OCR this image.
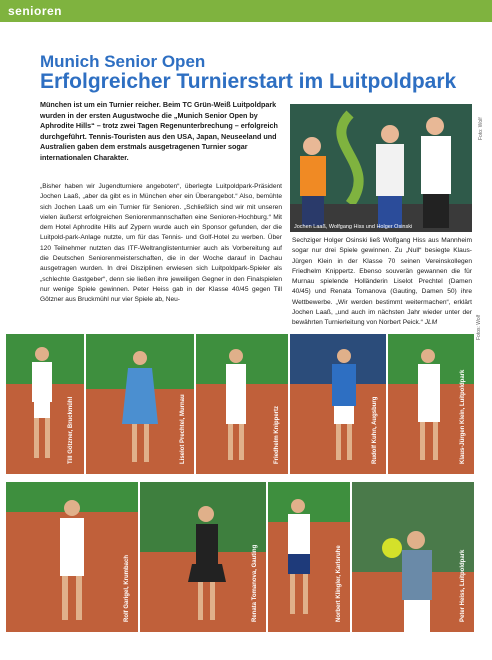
senioren
Munich Senior Open
Erfolgreicher Turnierstart im Luitpoldpark

München ist um ein Turnier reicher. Beim TC Grün-Weiß Luitpoldpark wurden in der ersten Augustwoche die „Munich Senior Open by Aphrodite Hills“ – trotz zwei Tagen Regenunterbrechung – erfolgreich durchgeführt. Tennis-Touristen aus den USA, Japan, Neuseeland und Australien gaben dem erstmals ausgetragenen Turnier sogar internationalen Charakter.

„Bisher haben wir Jugendturniere angeboten“, überlegte Luitpoldpark-Präsident Jochen Laaß, „aber da gibt es in München eher ein Überangebot.“ Also, bemühte sich Jochen Laaß um ein Turnier für Senioren. „Schließlich sind wir mit unseren vielen äußerst erfolgreichen Seniorenmannschaften eine Senioren-Hochburg.“ Mit dem Hotel Aphrodite Hills auf Zypern wurde auch ein Sponsor gefunden, der die Luitpold-park-Anlage nutzte, um für das Tennis- und Golf-Hotel zu werben. Über 120 Teilnehmer nutzten das ITF-Weltranglistenturnier auch als Vorbereitung auf die Deutschen Seniorenmeisterschaften, die in der Woche darauf in Dachau ausgetragen wurden. In drei Disziplinen erwiesen sich Luitpoldpark-Spieler als „schlechte Gastgeber“, denn sie ließen ihre jeweiligen Gegner in den Finalspielen nur wenige Spiele gewinnen. Peter Heiss gab in der Klasse 40/45 gegen Till Götzner aus Bruckmühl nur vier Spiele ab, Neu-

Jochen Laaß, Wolfgang Hiss und Holger Osinski
Foto: Wolf

Sechziger Holger Osinski ließ Wolfgang Hiss aus Mannheim sogar nur drei Spiele gewinnen. Zu „Null“ besiegte Klaus-Jürgen Klein in der Klasse 70 seinen Vereinskollegen Friedhelm Knippertz. Ebenso souverän gewannen die für Murnau spielende Holländerin Liselot Prechtel (Damen 40/45) und Renata Tomanova (Gauting, Damen 50) ihre Wettbewerbe. „Wir werden bestimmt weitermachen“, erklärt Jochen Laaß, „und auch im nächsten Jahr wieder unter der bewährten Turnierleitung von Norbert Peick.“ JLM

Till Götzner, Bruckmühl	Liselot Prechtel, Murnau	Friedhelm Knippertz	Rudolf Kuhn, Augsburg	Klaus-Jürgen Klein, Luitpoldpark
Rolf Garigel, Krumbach	Renata Tomanova, Gauting	Norbert Klingler, Karlsruhe	Peter Heiss, Luitpoldpark
Fotos: Wolf
